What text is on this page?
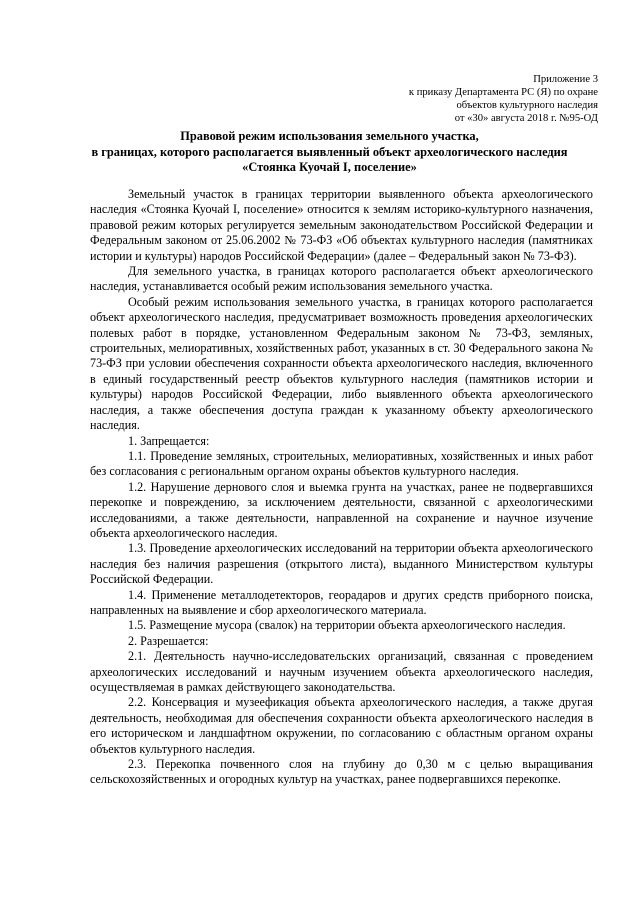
Приложение 3
к приказу Департамента РС (Я) по охране
объектов культурного наследия
от «30» августа 2018 г. №95-ОД
Правовой режим использования земельного участка,
в границах, которого располагается выявленный объект археологического наследия
«Стоянка Куочай I, поселение»

Земельный участок в границах территории выявленного объекта археологического наследия «Стоянка Куочай I, поселение» относится к землям историко-культурного назначения, правовой режим которых регулируется земельным законодательством Российской Федерации и Федеральным законом от 25.06.2002 № 73-ФЗ «Об объектах культурного наследия (памятниках истории и культуры) народов Российской Федерации» (далее – Федеральный закон № 73-ФЗ).

Для земельного участка, в границах которого располагается объект археологического наследия, устанавливается особый режим использования земельного участка.

Особый режим использования земельного участка, в границах которого располагается объект археологического наследия, предусматривает возможность проведения археологических полевых работ в порядке, установленном Федеральным законом № 73-ФЗ, земляных, строительных, мелиоративных, хозяйственных работ, указанных в ст. 30 Федерального закона № 73-ФЗ при условии обеспечения сохранности объекта археологического наследия, включенного в единый государственный реестр объектов культурного наследия (памятников истории и культуры) народов Российской Федерации, либо выявленного объекта археологического наследия, а также обеспечения доступа граждан к указанному объекту археологического наследия.

1. Запрещается:

1.1. Проведение земляных, строительных, мелиоративных, хозяйственных и иных работ без согласования с региональным органом охраны объектов культурного наследия.

1.2. Нарушение дернового слоя и выемка грунта на участках, ранее не подвергавшихся перекопке и повреждению, за исключением деятельности, связанной с археологическими исследованиями, а также деятельности, направленной на сохранение и научное изучение объекта археологического наследия.

1.3. Проведение археологических исследований на территории объекта археологического наследия без наличия разрешения (открытого листа), выданного Министерством культуры Российской Федерации.

1.4. Применение металлодетекторов, георадаров и других средств приборного поиска, направленных на выявление и сбор археологического материала.

1.5. Размещение мусора (свалок) на территории объекта археологического наследия.

2. Разрешается:

2.1. Деятельность научно-исследовательских организаций, связанная с проведением археологических исследований и научным изучением объекта археологического наследия, осуществляемая в рамках действующего законодательства.

2.2. Консервация и музеефикация объекта археологического наследия, а также другая деятельность, необходимая для обеспечения сохранности объекта археологического наследия в его историческом и ландшафтном окружении, по согласованию с областным органом охраны объектов культурного наследия.

2.3. Перекопка почвенного слоя на глубину до 0,30 м с целью выращивания сельскохозяйственных и огородных культур на участках, ранее подвергавшихся перекопке.
